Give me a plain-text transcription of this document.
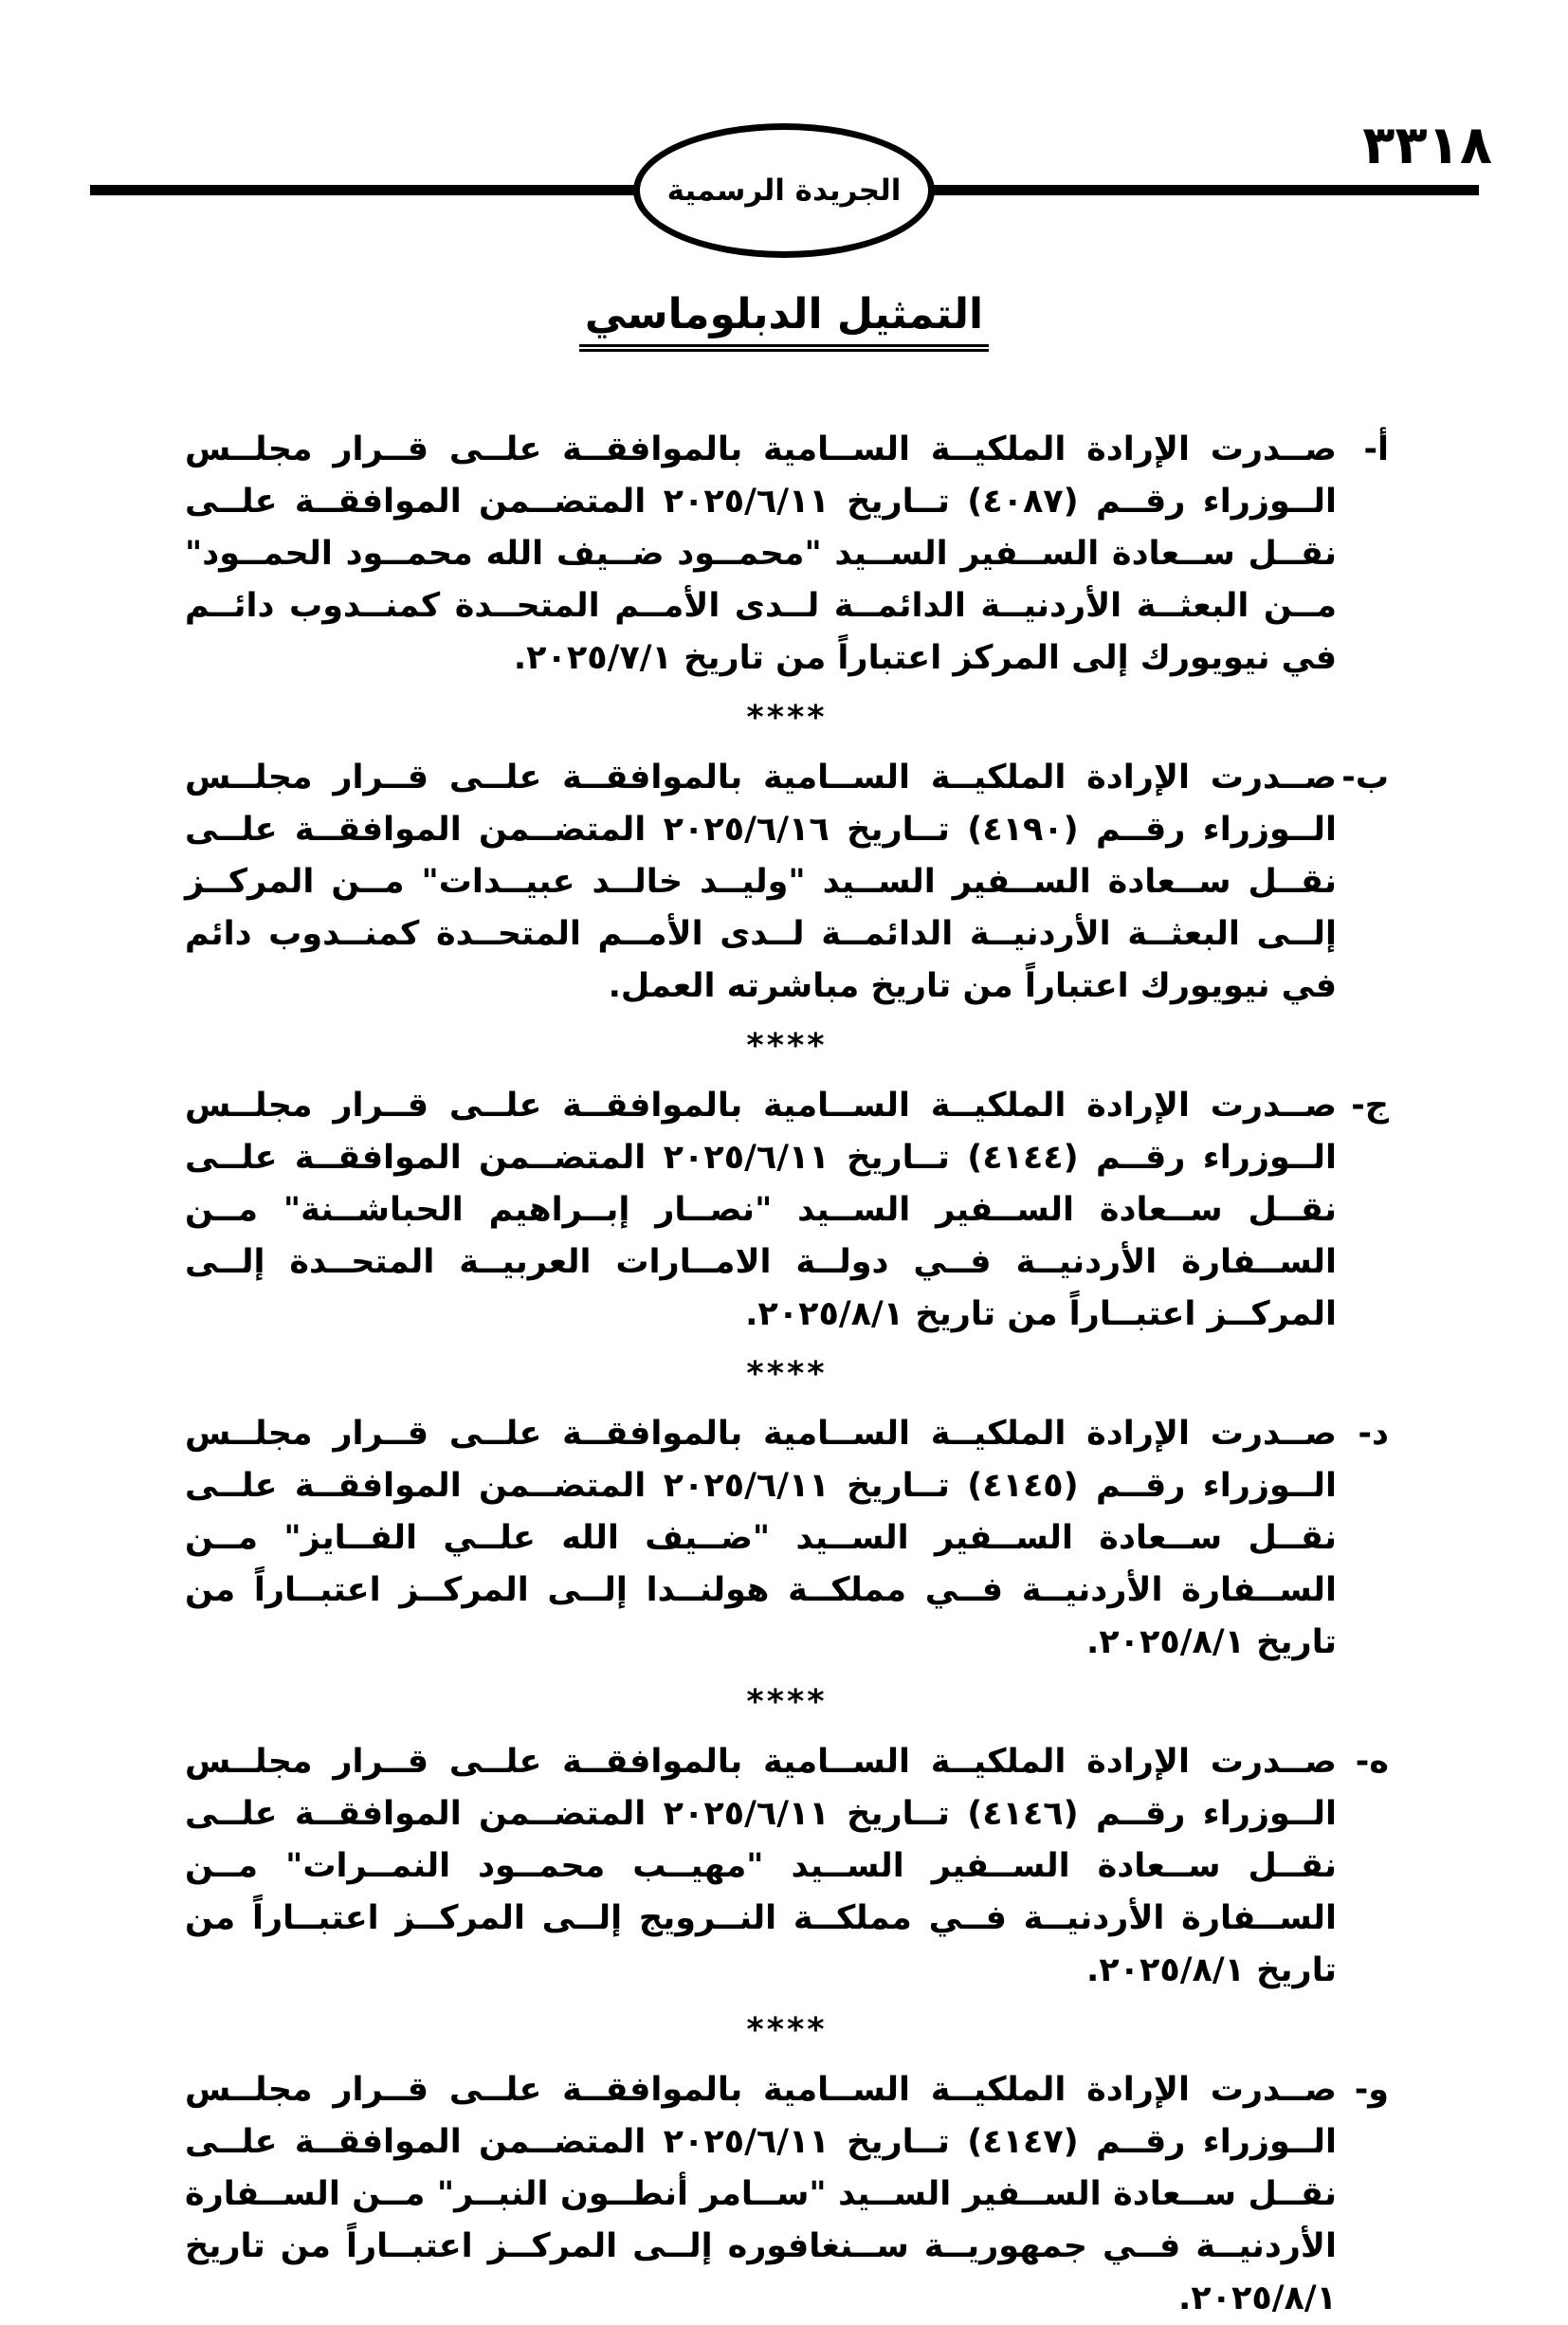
٣٣١٨
الجريدة الرسمية
التمثيل الدبلوماسي
أ-
صــدرت الإرادة الملكيــة الســامية بالموافقــة علــى قــرار مجلــس الــوزراء رقــم (٤٠٨٧) تــاريخ ٢٠٢٥/٦/١١ المتضــمن الموافقــة علــى نقــل ســعادة الســفير الســيد "محمــود ضــيف الله محمــود الحمــود" مــن البعثــة الأردنيــة الدائمــة لــدى الأمــم المتحــدة كمنــدوب دائــم في نيويورك إلى المركز اعتباراً من تاريخ ٢٠٢٥/٧/١.
****
ب-
صــدرت الإرادة الملكيــة الســامية بالموافقــة علــى قــرار مجلــس الــوزراء رقــم (٤١٩٠) تــاريخ ٢٠٢٥/٦/١٦ المتضــمن الموافقــة علــى نقــل ســعادة الســفير الســيد "وليــد خالــد عبيــدات" مــن المركــز إلــى البعثــة الأردنيــة الدائمــة لــدى الأمــم المتحــدة كمنــدوب دائم في نيويورك اعتباراً من تاريخ مباشرته العمل.
****
ج-
صــدرت الإرادة الملكيــة الســامية بالموافقــة علــى قــرار مجلــس الــوزراء رقــم (٤١٤٤) تــاريخ ٢٠٢٥/٦/١١ المتضــمن الموافقــة علــى نقــل ســعادة الســفير الســيد "نصــار إبــراهيم الحباشــنة" مــن الســفارة الأردنيــة فــي دولــة الامــارات العربيــة المتحــدة إلــى المركــز اعتبــاراً من تاريخ ٢٠٢٥/٨/١.
****
د-
صــدرت الإرادة الملكيــة الســامية بالموافقــة علــى قــرار مجلــس الــوزراء رقــم (٤١٤٥) تــاريخ ٢٠٢٥/٦/١١ المتضــمن الموافقــة علــى نقــل ســعادة الســفير الســيد "ضــيف الله علــي الفــايز" مــن الســفارة الأردنيــة فــي مملكــة هولنــدا إلــى المركــز اعتبــاراً من تاريخ ٢٠٢٥/٨/١.
****
ه-
صــدرت الإرادة الملكيــة الســامية بالموافقــة علــى قــرار مجلــس الــوزراء رقــم (٤١٤٦) تــاريخ ٢٠٢٥/٦/١١ المتضــمن الموافقــة علــى نقــل ســعادة الســفير الســيد "مهيــب محمــود النمــرات" مــن الســفارة الأردنيــة فــي مملكــة النــرويج إلــى المركــز اعتبــاراً من تاريخ ٢٠٢٥/٨/١.
****
و-
صــدرت الإرادة الملكيــة الســامية بالموافقــة علــى قــرار مجلــس الــوزراء رقــم (٤١٤٧) تــاريخ ٢٠٢٥/٦/١١ المتضــمن الموافقــة علــى نقــل ســعادة الســفير الســيد "ســامر أنطــون النبــر" مــن الســفارة الأردنيــة فــي جمهوريــة ســنغافوره إلــى المركــز اعتبــاراً من تاريخ ٢٠٢٥/٨/١.
